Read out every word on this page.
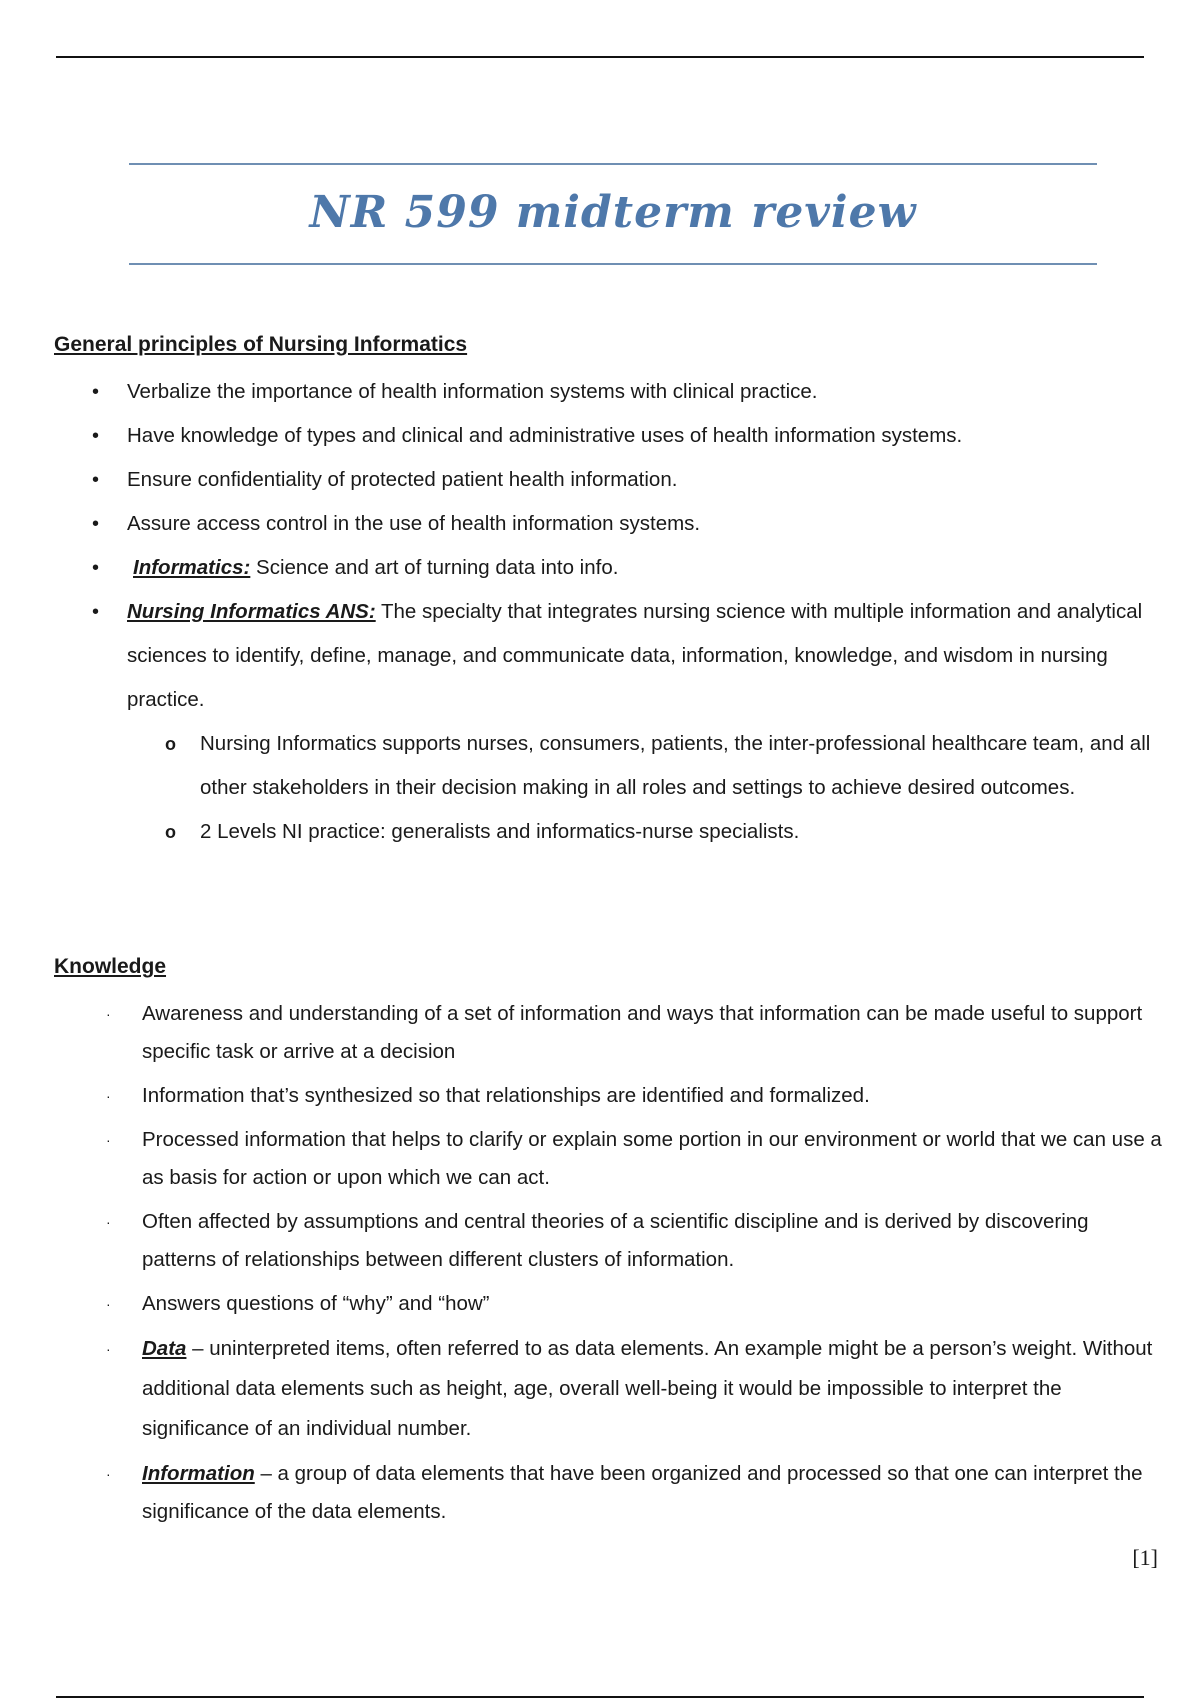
NR 599 midterm review
General principles of Nursing Informatics
• Verbalize the importance of health information systems with clinical practice.
• Have knowledge of types and clinical and administrative uses of health information systems.
• Ensure confidentiality of protected patient health information.
• Assure access control in the use of health information systems.
• Informatics: Science and art of turning data into info.
• Nursing Informatics ANS: The specialty that integrates nursing science with multiple information and analytical sciences to identify, define, manage, and communicate data, information, knowledge, and wisdom in nursing practice.
o Nursing Informatics supports nurses, consumers, patients, the inter-professional healthcare team, and all other stakeholders in their decision making in all roles and settings to achieve desired outcomes.
o 2 Levels NI practice: generalists and informatics-nurse specialists.
Knowledge
· Awareness and understanding of a set of information and ways that information can be made useful to support specific task or arrive at a decision
· Information that’s synthesized so that relationships are identified and formalized.
· Processed information that helps to clarify or explain some portion in our environment or world that we can use a as basis for action or upon which we can act.
· Often affected by assumptions and central theories of a scientific discipline and is derived by discovering patterns of relationships between different clusters of information.
· Answers questions of “why” and “how”
· Data – uninterpreted items, often referred to as data elements. An example might be a person’s weight. Without additional data elements such as height, age, overall well-being it would be impossible to interpret the significance of an individual number.
· Information – a group of data elements that have been organized and processed so that one can interpret the significance of the data elements.
[1]
